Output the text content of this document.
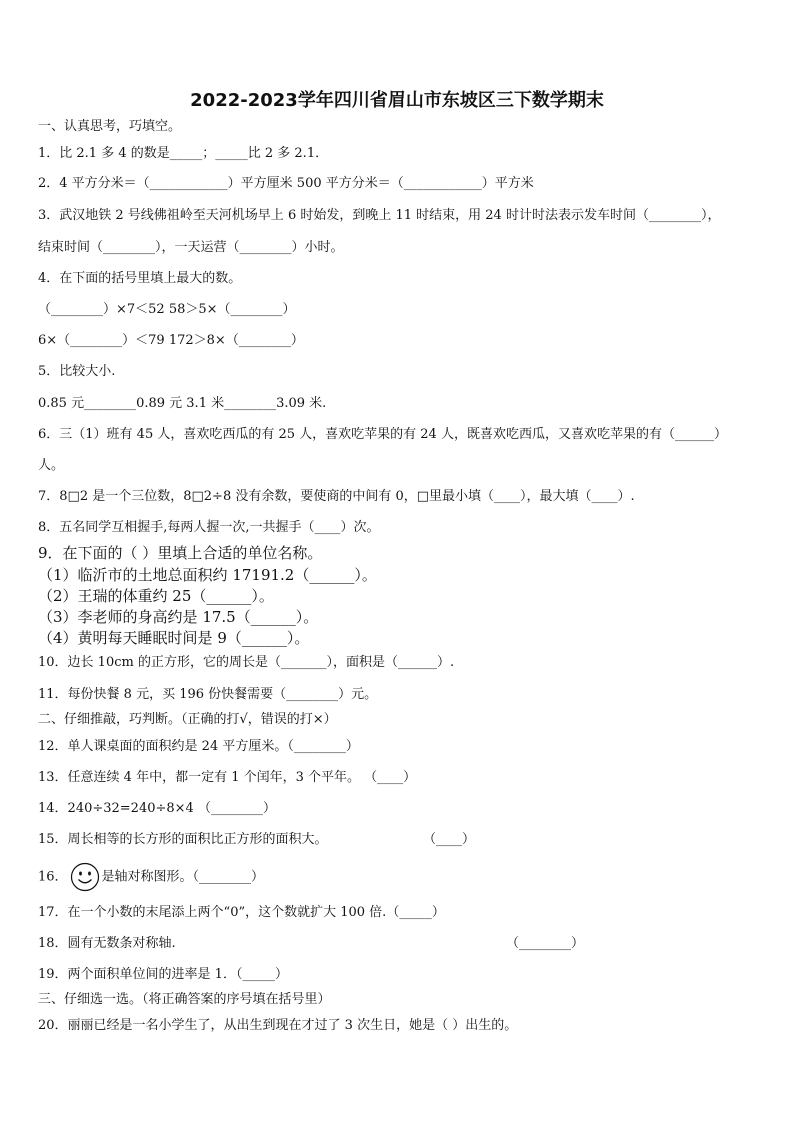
2022-2023学年四川省眉山市东坡区三下数学期末
一、认真思考，巧填空。
1．比 2.1 多 4 的数是_____；_____比 2 多 2.1．
2．4 平方分米＝（____________）平方厘米 500 平方分米＝（____________）平方米
3．武汉地铁 2 号线佛祖岭至天河机场早上 6 时始发，到晚上 11 时结束，用 24 时计时法表示发车时间（________），
结束时间（________），一天运营（________）小时。
4．在下面的括号里填上最大的数。
（________）×7＜52 58＞5×（________）
6×（________）＜79 172＞8×（________）
5．比较大小.
0.85 元________0.89 元 3.1 米________3.09 米.
6．三（1）班有 45 人，喜欢吃西瓜的有 25 人，喜欢吃苹果的有 24 人，既喜欢吃西瓜，又喜欢吃苹果的有（______）
人。
7．8□2 是一个三位数，8□2÷8 没有余数，要使商的中间有 0，□里最小填（____），最大填（____）.
8．五名同学互相握手,每两人握一次,一共握手（____）次。
9．在下面的（ ）里填上合适的单位名称。
（1）临沂市的土地总面积约 17191.2（______）。
（2）王瑞的体重约 25（______）。
（3）李老师的身高约是 17.5（______）。
（4）黄明每天睡眠时间是 9（______）。
10．边长 10cm 的正方形，它的周长是（_______），面积是（______）.
11．每份快餐 8 元，买 196 份快餐需要（________）元。
二、仔细推敲，巧判断。（正确的打√，错误的打×）
12．单人课桌面的面积约是 24 平方厘米。（________）
13．任意连续 4 年中，都一定有 1 个闰年，3 个平年。 （____）
14．240÷32=240÷8×4 （________）
15．周长相等的长方形的面积比正方形的面积大。	（____）
16．	是轴对称图形。（________）
17．在一个小数的末尾添上两个“0”，这个数就扩大 100 倍.（_____）
18．圆有无数条对称轴.	（________）
19．两个面积单位间的进率是 1．（_____）
三、仔细选一选。（将正确答案的序号填在括号里）
20．丽丽已经是一名小学生了，从出生到现在才过了 3 次生日，她是（ ）出生的。
